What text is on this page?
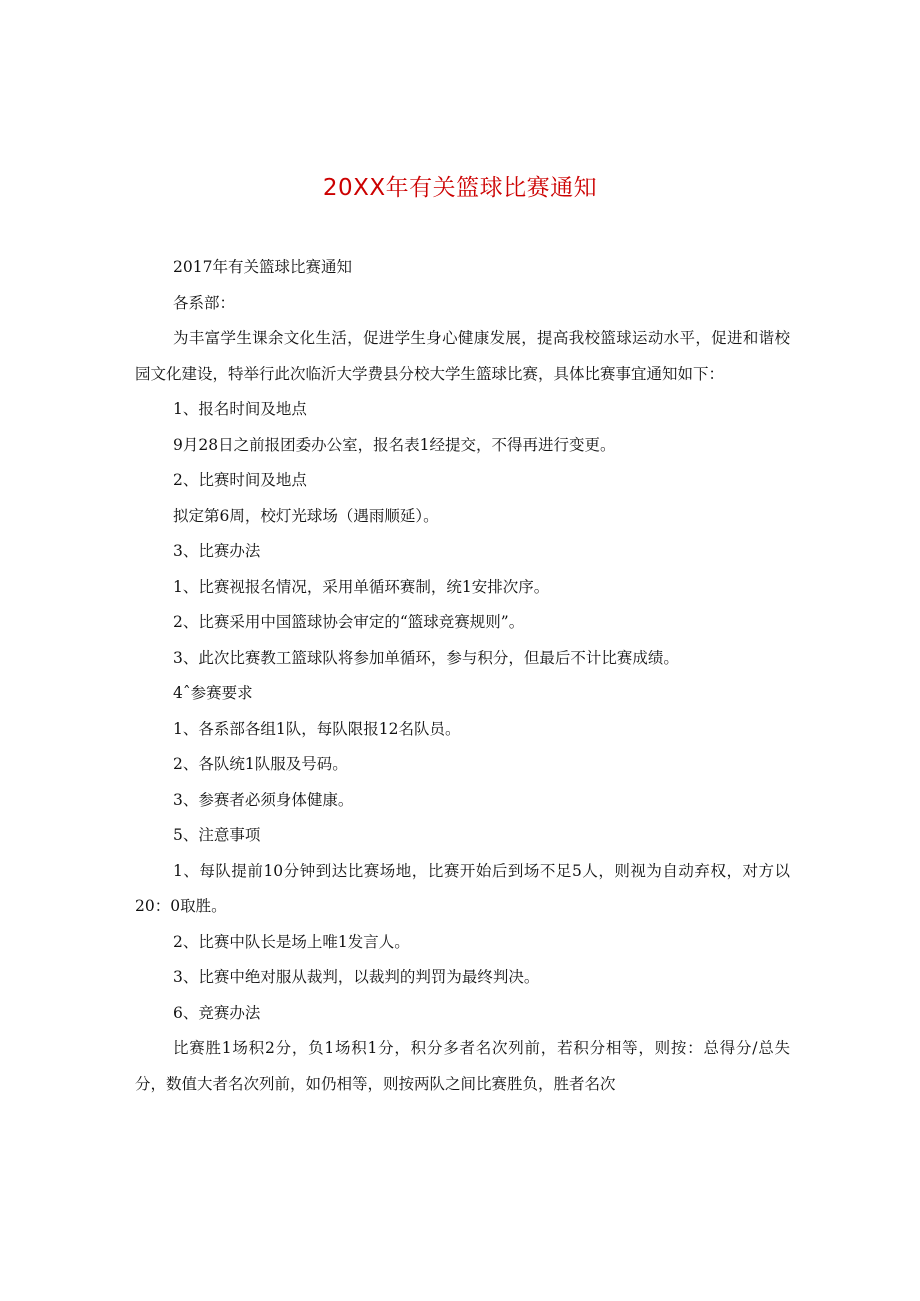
20XX年有关篮球比赛通知

2017年有关篮球比赛通知

各系部：

为丰富学生课余文化生活，促进学生身心健康发展，提高我校篮球运动水平，促进和谐校园文化建设，特举行此次临沂大学费县分校大学生篮球比赛，具体比赛事宜通知如下：

1、报名时间及地点

9月28日之前报团委办公室，报名表1经提交，不得再进行变更。

2、比赛时间及地点

拟定第6周，校灯光球场（遇雨顺延）。

3、比赛办法

1、比赛视报名情况，采用单循环赛制，统1安排次序。

2、比赛采用中国篮球协会审定的“篮球竞赛规则”。

3、此次比赛教工篮球队将参加单循环，参与积分，但最后不计比赛成绩。

4ˆ参赛要求

1、各系部各组1队，每队限报12名队员。

2、各队统1队服及号码。

3、参赛者必须身体健康。

5、注意事项

1、每队提前10分钟到达比赛场地，比赛开始后到场不足5人，则视为自动弃权，对方以20：0取胜。

2、比赛中队长是场上唯1发言人。

3、比赛中绝对服从裁判，以裁判的判罚为最终判决。

6、竞赛办法

比赛胜1场积2分，负1场积1分，积分多者名次列前，若积分相等，则按：总得分/总失分，数值大者名次列前，如仍相等，则按两队之间比赛胜负，胜者名次
